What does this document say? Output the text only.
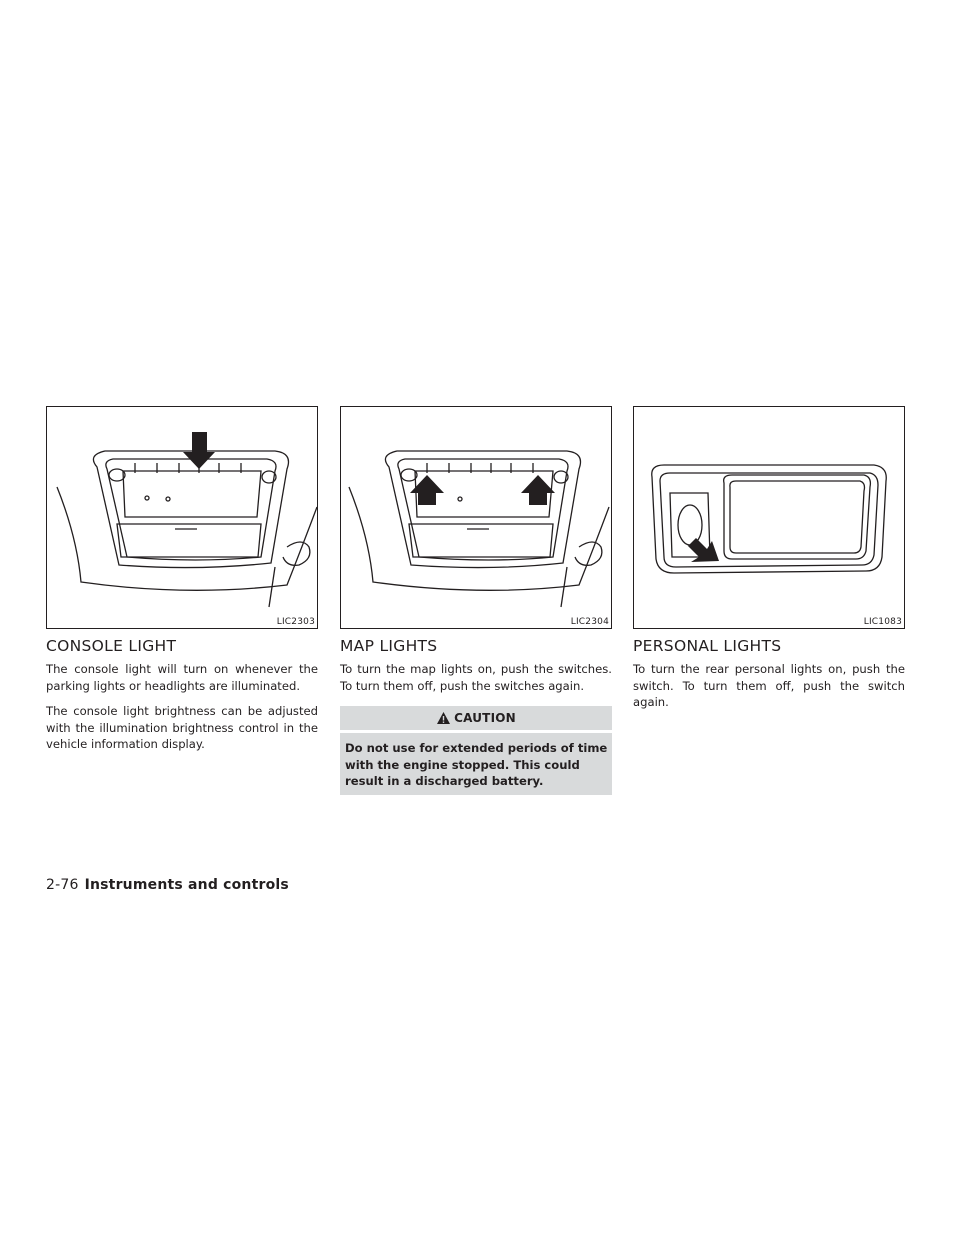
LIC2303
CONSOLE LIGHT

The console light will turn on whenever the parking lights or headlights are illuminated.

The console light brightness can be adjusted with the illumination brightness control in the vehicle information display.

LIC2304
MAP LIGHTS

To turn the map lights on, push the switches. To turn them off, push the switches again.

CAUTION
Do not use for extended periods of time with the engine stopped. This could result in a discharged battery.
LIC1083
PERSONAL LIGHTS

To turn the rear personal lights on, push the switch. To turn them off, push the switch again.

2-76 Instruments and controls
